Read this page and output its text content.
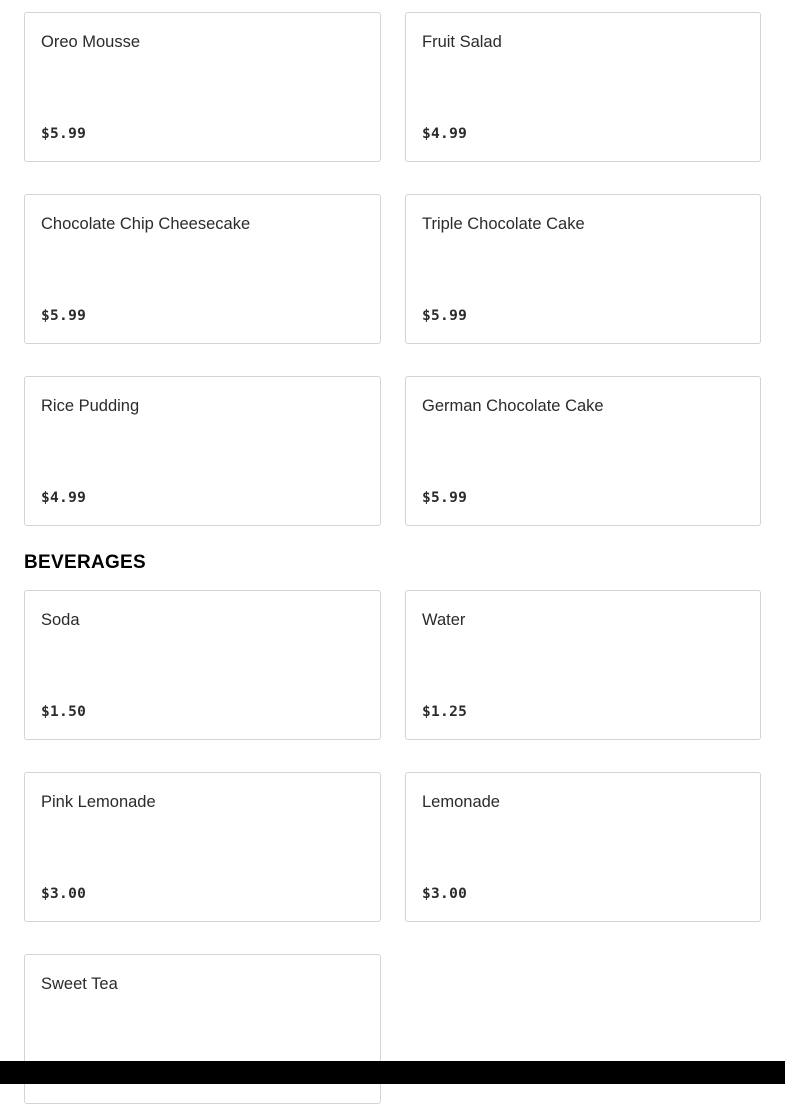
Oreo Mousse
$5.99
Fruit Salad
$4.99
Chocolate Chip Cheesecake
$5.99
Triple Chocolate Cake
$5.99
Rice Pudding
$4.99
German Chocolate Cake
$5.99
BEVERAGES
Soda
$1.50
Water
$1.25
Pink Lemonade
$3.00
Lemonade
$3.00
Sweet Tea
